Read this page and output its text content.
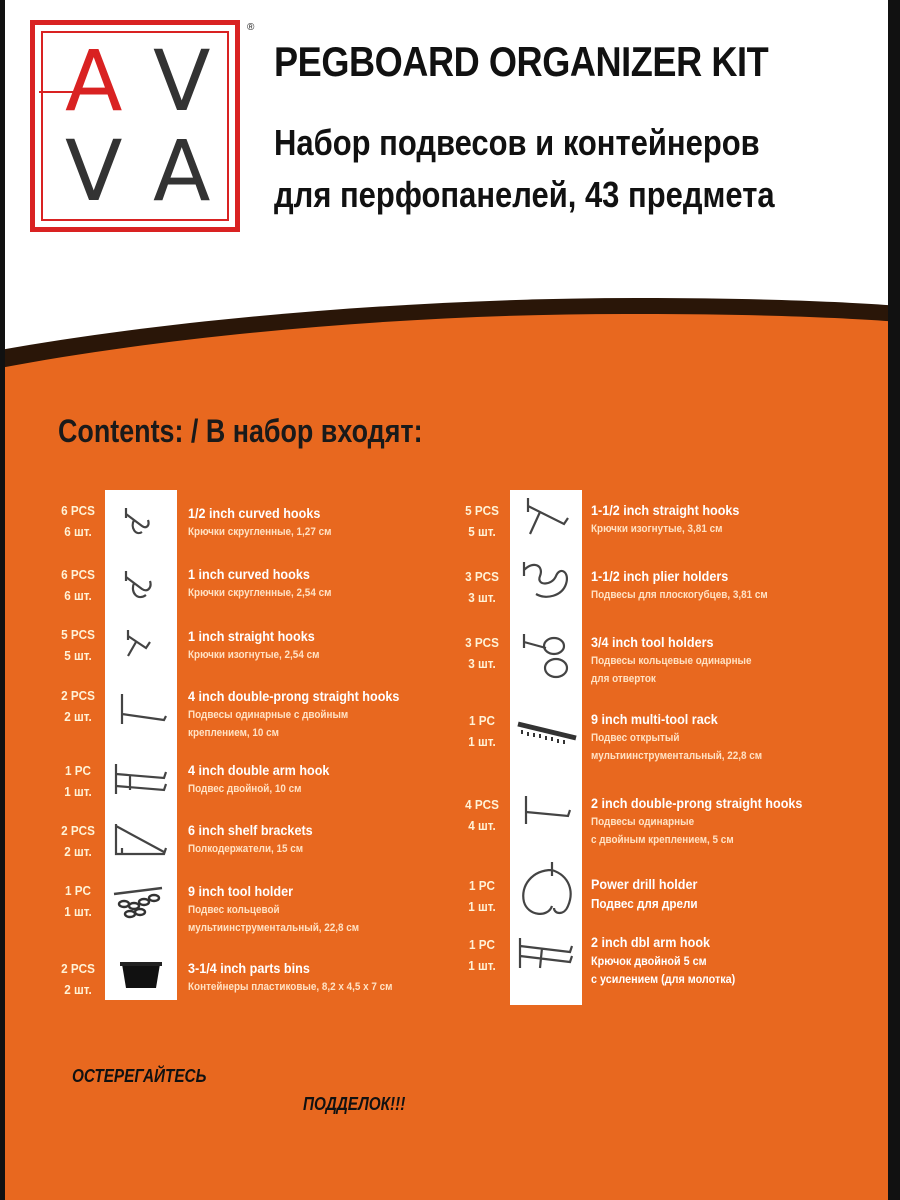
A V
V A
®
PEGBOARD ORGANIZER KIT
Набор подвесов и контейнеров
для перфопанелей, 43 предмета
Contents: / В набор входят:
6 PCS
6 шт.
1/2 inch curved hooks
Крючки скругленные, 1,27 см
6 PCS
6 шт.
1 inch curved hooks
Крючки скругленные, 2,54 см
5 PCS
5 шт.
1 inch straight hooks
Крючки изогнутые, 2,54 см
2 PCS
2 шт.
4 inch double-prong straight hooks
Подвесы одинарные с двойным
креплением, 10 см
1 PC
1 шт.
4 inch double arm hook
Подвес двойной, 10 см
2 PCS
2 шт.
6 inch shelf brackets
Полкодержатели, 15 см
1 PC
1 шт.
9 inch tool holder
Подвес кольцевой
мультиинструментальный, 22,8 см
2 PCS
2 шт.
3-1/4 inch parts bins
Контейнеры пластиковые, 8,2 х 4,5 х 7 см
5 PCS
5 шт.
1-1/2 inch straight hooks
Крючки изогнутые, 3,81 см
3 PCS
3 шт.
1-1/2 inch plier holders
Подвесы для плоскогубцев, 3,81 см
3 PCS
3 шт.
3/4 inch tool holders
Подвесы кольцевые одинарные
для отверток
1 PC
1 шт.
9 inch multi-tool rack
Подвес открытый
мультиинструментальный, 22,8 см
4 PCS
4 шт.
2 inch double-prong straight hooks
Подвесы одинарные
с двойным креплением, 5 см
1 PC
1 шт.
Power drill holder
Подвес для дрели
1 PC
1 шт.
2 inch dbl arm hook
Крючок двойной 5 см
с усилением (для молотка)
ОСТЕРЕГАЙТЕСЬ
ПОДДЕЛОК!!!
